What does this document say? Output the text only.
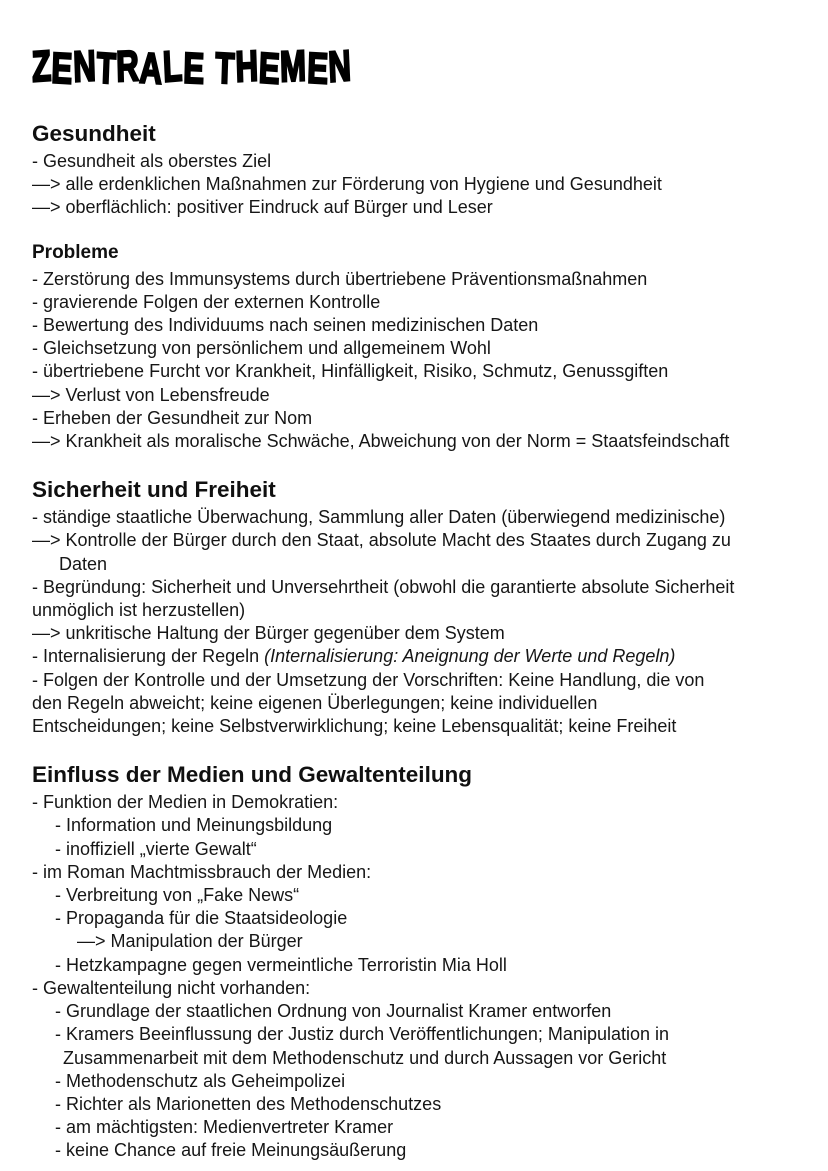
ZENTRALE THEMEN
Gesundheit
- Gesundheit als oberstes Ziel
—> alle erdenklichen Maßnahmen zur Förderung von Hygiene und Gesundheit
—> oberflächlich: positiver Eindruck auf Bürger und Leser
Probleme
- Zerstörung des Immunsystems durch übertriebene Präventionsmaßnahmen
- gravierende Folgen der externen Kontrolle
- Bewertung des Individuums nach seinen medizinischen Daten
- Gleichsetzung von persönlichem und allgemeinem Wohl
- übertriebene Furcht vor Krankheit, Hinfälligkeit, Risiko, Schmutz, Genussgiften
—> Verlust von Lebensfreude
- Erheben der Gesundheit zur Nom
—> Krankheit als moralische Schwäche, Abweichung von der Norm = Staatsfeindschaft
Sicherheit und Freiheit
- ständige staatliche Überwachung, Sammlung aller Daten (überwiegend medizinische)
—> Kontrolle der Bürger durch den Staat, absolute Macht des Staates durch Zugang zu
Daten
- Begründung: Sicherheit und Unversehrtheit (obwohl die garantierte absolute Sicherheit
unmöglich ist herzustellen)
—> unkritische Haltung der Bürger gegenüber dem System
- Internalisierung der Regeln (Internalisierung: Aneignung der Werte und Regeln)
- Folgen der Kontrolle und der Umsetzung der Vorschriften: Keine Handlung, die von
den Regeln abweicht; keine eigenen Überlegungen; keine individuellen
Entscheidungen; keine Selbstverwirklichung; keine Lebensqualität; keine Freiheit
Einfluss der Medien und Gewaltenteilung
- Funktion der Medien in Demokratien:
- Information und Meinungsbildung
- inoffiziell „vierte Gewalt“
- im Roman Machtmissbrauch der Medien:
- Verbreitung von „Fake News“
- Propaganda für die Staatsideologie
—> Manipulation der Bürger
- Hetzkampagne gegen vermeintliche Terroristin Mia Holl
- Gewaltenteilung nicht vorhanden:
- Grundlage der staatlichen Ordnung von Journalist Kramer entworfen
- Kramers Beeinflussung der Justiz durch Veröffentlichungen; Manipulation in
Zusammenarbeit mit dem Methodenschutz und durch Aussagen vor Gericht
- Methodenschutz als Geheimpolizei
- Richter als Marionetten des Methodenschutzes
- am mächtigsten: Medienvertreter Kramer
- keine Chance auf freie Meinungsäußerung
